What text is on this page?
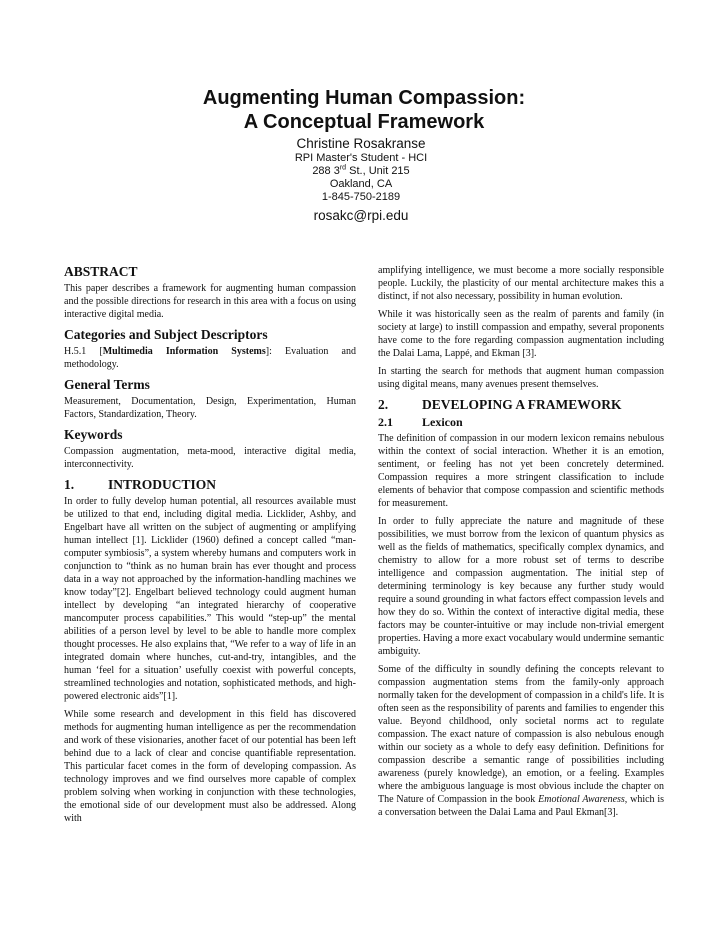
Augmenting Human Compassion:
A Conceptual Framework
Christine Rosakranse
RPI Master's Student - HCI
288 3rd St., Unit 215
Oakland, CA
1-845-750-2189
rosakc@rpi.edu
ABSTRACT

This paper describes a framework for augmenting human compassion and the possible directions for research in this area with a focus on using interactive digital media.

Categories and Subject Descriptors

H.5.1 [Multimedia Information Systems]: Evaluation and methodology.

General Terms

Measurement, Documentation, Design, Experimentation, Human Factors, Standardization, Theory.

Keywords

Compassion augmentation, meta-mood, interactive digital media, interconnectivity.

1.	INTRODUCTION

In order to fully develop human potential, all resources available must be utilized to that end, including digital media. Licklider, Ashby, and Engelbart have all written on the subject of augmenting or amplifying human intellect [1]. Licklider (1960) defined a concept called “man-computer symbiosis”, a system whereby humans and computers work in conjunction to “think as no human brain has ever thought and process data in a way not approached by the information-handling machines we know today”[2]. Engelbart believed technology could augment human intellect by developing “an integrated hierarchy of cooperative mancomputer process capabilities.” This would “step-up” the mental abilities of a person level by level to be able to handle more complex thought processes. He also explains that, “We refer to a way of life in an integrated domain where hunches, cut-and-try, intangibles, and the human ‘feel for a situation’ usefully coexist with powerful concepts, streamlined technologies and notation, sophisticated methods, and high-powered electronic aids”[1].

While some research and development in this field has discovered methods for augmenting human intelligence as per the recommendation and work of these visionaries, another facet of our potential has been left behind due to a lack of clear and concise quantifiable representation. This particular facet comes in the form of developing compassion. As technology improves and we find ourselves more capable of complex problem solving when working in conjunction with these technologies, the emotional side of our development must also be addressed. Along with

amplifying intelligence, we must become a more socially responsible people. Luckily, the plasticity of our mental architecture makes this a distinct, if not also necessary, possibility in human evolution.

While it was historically seen as the realm of parents and family (in society at large) to instill compassion and empathy, several proponents have come to the fore regarding compassion augmentation including the Dalai Lama, Lappé, and Ekman [3].

In starting the search for methods that augment human compassion using digital means, many avenues present themselves.

2.	DEVELOPING A FRAMEWORK
2.1 Lexicon

The definition of compassion in our modern lexicon remains nebulous within the context of social interaction. Whether it is an emotion, sentiment, or feeling has not yet been concretely determined. Compassion requires a more stringent classification to include elements of behavior that compose compassion and scientific methods for measurement.

In order to fully appreciate the nature and magnitude of these possibilities, we must borrow from the lexicon of quantum physics as well as the fields of mathematics, specifically complex dynamics, and chemistry to allow for a more robust set of terms to describe intelligence and compassion augmentation. The initial step of determining terminology is key because any further study would require a sound grounding in what factors effect compassion levels and how they do so. Within the context of interactive digital media, these factors may be counter-intuitive or may include non-trivial emergent properties. Having a more exact vocabulary would undermine semantic ambiguity.

Some of the difficulty in soundly defining the concepts relevant to compassion augmentation stems from the family-only approach normally taken for the development of compassion in a child's life. It is often seen as the responsibility of parents and families to engender this value. Beyond childhood, only societal norms act to regulate compassion. The exact nature of compassion is also nebulous enough within our society as a whole to defy easy definition. Definitions for compassion describe a semantic range of possibilities including awareness (purely knowledge), an emotion, or a feeling. Examples where the ambiguous language is most obvious include the chapter on The Nature of Compassion in the book Emotional Awareness, which is a conversation between the Dalai Lama and Paul Ekman[3].
